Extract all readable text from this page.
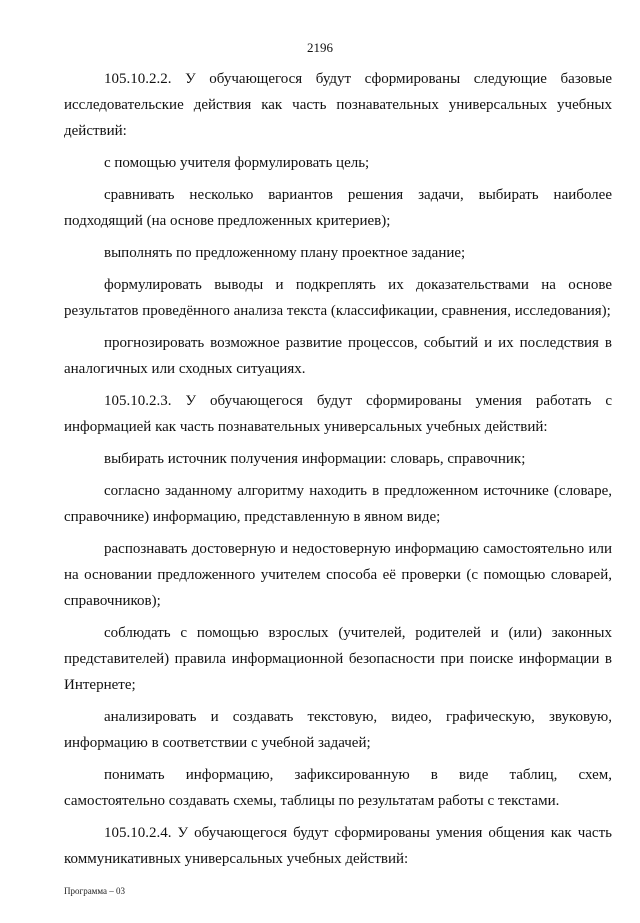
2196

105.10.2.2. У обучающегося будут сформированы следующие базовые исследовательские действия как часть познавательных универсальных учебных действий:

с помощью учителя формулировать цель;

сравнивать несколько вариантов решения задачи, выбирать наиболее подходящий (на основе предложенных критериев);

выполнять по предложенному плану проектное задание;

формулировать выводы и подкреплять их доказательствами на основе результатов проведённого анализа текста (классификации, сравнения, исследования);

прогнозировать возможное развитие процессов, событий и их последствия в аналогичных или сходных ситуациях.

105.10.2.3. У обучающегося будут сформированы умения работать с информацией как часть познавательных универсальных учебных действий:

выбирать источник получения информации: словарь, справочник;

согласно заданному алгоритму находить в предложенном источнике (словаре, справочнике) информацию, представленную в явном виде;

распознавать достоверную и недостоверную информацию самостоятельно или на основании предложенного учителем способа её проверки (с помощью словарей, справочников);

соблюдать с помощью взрослых (учителей, родителей и (или) законных представителей) правила информационной безопасности при поиске информации в Интернете;

анализировать и создавать текстовую, видео, графическую, звуковую, информацию в соответствии с учебной задачей;

понимать информацию, зафиксированную в виде таблиц, схем, самостоятельно создавать схемы, таблицы по результатам работы с текстами.

105.10.2.4. У обучающегося будут сформированы умения общения как часть коммуникативных универсальных учебных действий:

Программа – 03
